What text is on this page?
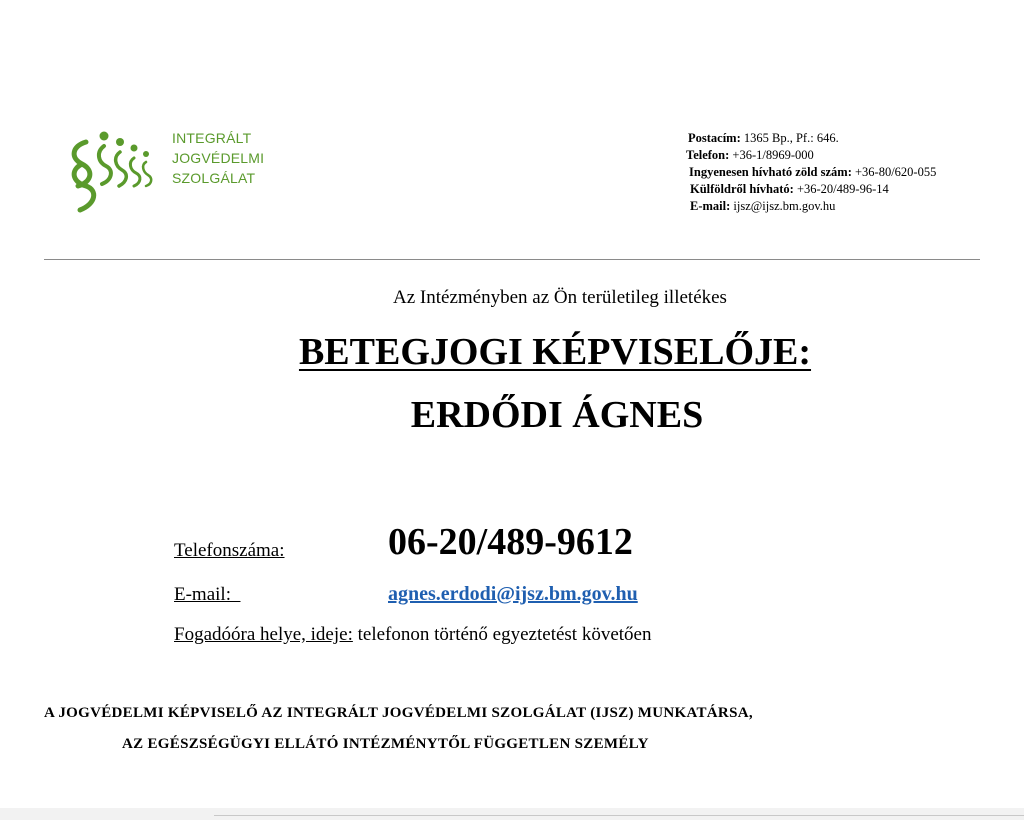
INTEGRÁLT
JOGVÉDELMI
SZOLGÁLAT
Postacím: 1365 Bp., Pf.: 646.
Telefon: +36-1/8969-000
Ingyenesen hívható zöld szám: +36-80/620-055
Külföldről hívható: +36-20/489-96-14
E-mail: ijsz@ijsz.bm.gov.hu
Az Intézményben az Ön területileg illetékes
BETEGJOGI KÉPVISELŐJE:
ERDŐDI ÁGNES
Telefonszáma:	06-20/489-9612
E-mail:	agnes.erdodi@ijsz.bm.gov.hu
Fogadóóra helye, ideje: telefonon történő egyeztetést követően
A JOGVÉDELMI KÉPVISELŐ AZ INTEGRÁLT JOGVÉDELMI SZOLGÁLAT (IJSZ) MUNKATÁRSA,
AZ EGÉSZSÉGÜGYI ELLÁTÓ INTÉZMÉNYTŐL FÜGGETLEN SZEMÉLY
